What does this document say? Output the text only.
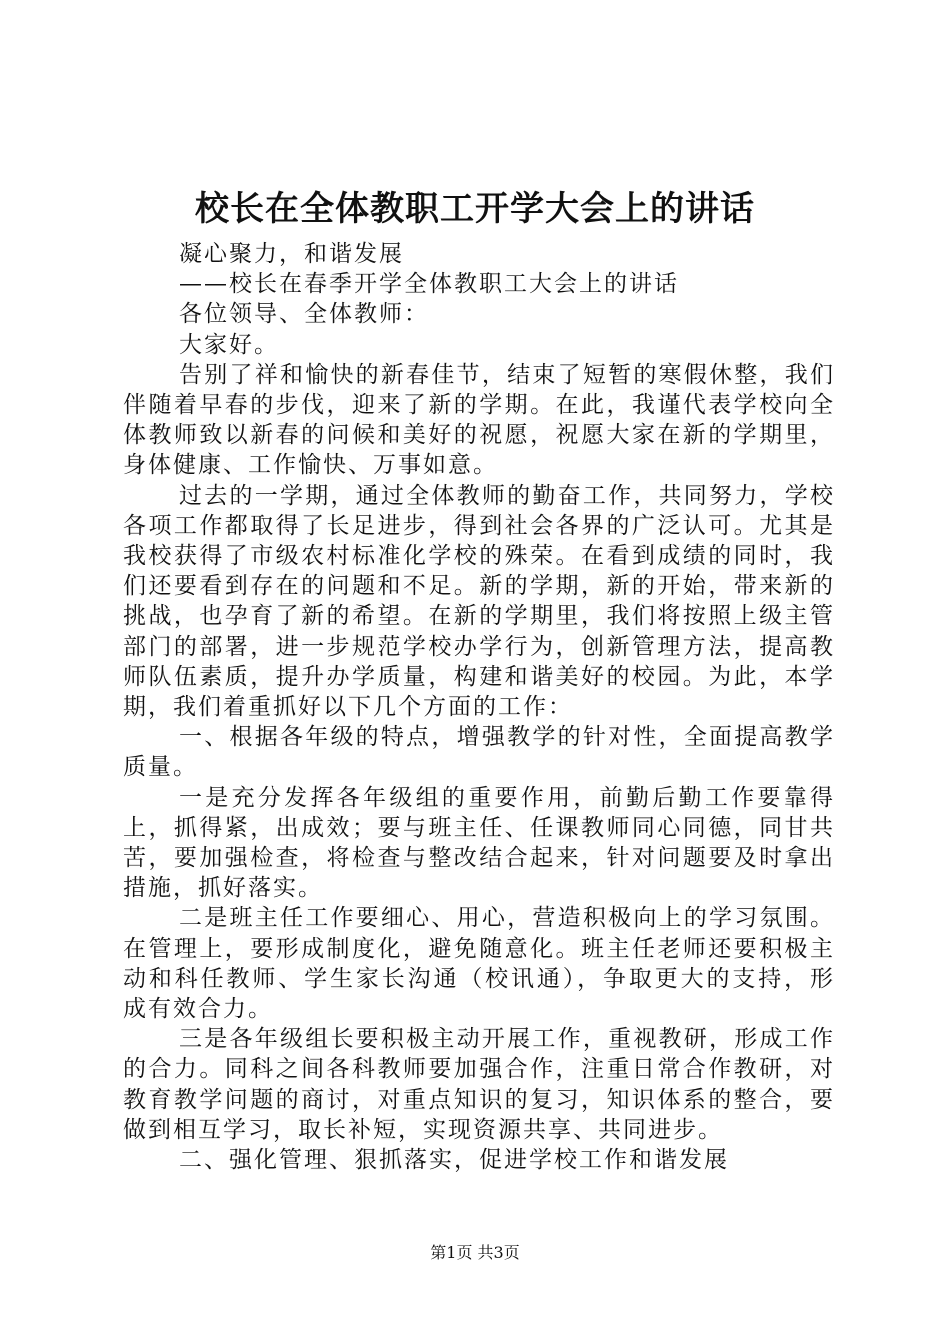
校长在全体教职工开学大会上的讲话

凝心聚力，和谐发展

——校长在春季开学全体教职工大会上的讲话

各位领导、全体教师：

大家好。

告别了祥和愉快的新春佳节，结束了短暂的寒假休整，我们伴随着早春的步伐，迎来了新的学期。在此，我谨代表学校向全体教师致以新春的问候和美好的祝愿，祝愿大家在新的学期里，身体健康、工作愉快、万事如意。

过去的一学期，通过全体教师的勤奋工作，共同努力，学校各项工作都取得了长足进步，得到社会各界的广泛认可。尤其是我校获得了市级农村标准化学校的殊荣。在看到成绩的同时，我们还要看到存在的问题和不足。新的学期，新的开始，带来新的挑战，也孕育了新的希望。在新的学期里，我们将按照上级主管部门的部署，进一步规范学校办学行为，创新管理方法，提高教师队伍素质，提升办学质量，构建和谐美好的校园。为此，本学期，我们着重抓好以下几个方面的工作：

一、根据各年级的特点，增强教学的针对性，全面提高教学质量。

一是充分发挥各年级组的重要作用，前勤后勤工作要靠得上，抓得紧，出成效；要与班主任、任课教师同心同德，同甘共苦，要加强检查，将检查与整改结合起来，针对问题要及时拿出措施，抓好落实。

二是班主任工作要细心、用心，营造积极向上的学习氛围。在管理上，要形成制度化，避免随意化。班主任老师还要积极主动和科任教师、学生家长沟通（校讯通），争取更大的支持，形成有效合力。

三是各年级组长要积极主动开展工作，重视教研，形成工作的合力。同科之间各科教师要加强合作，注重日常合作教研，对教育教学问题的商讨，对重点知识的复习，知识体系的整合，要做到相互学习，取长补短，实现资源共享、共同进步。

二、强化管理、狠抓落实，促进学校工作和谐发展

第1页 共3页
